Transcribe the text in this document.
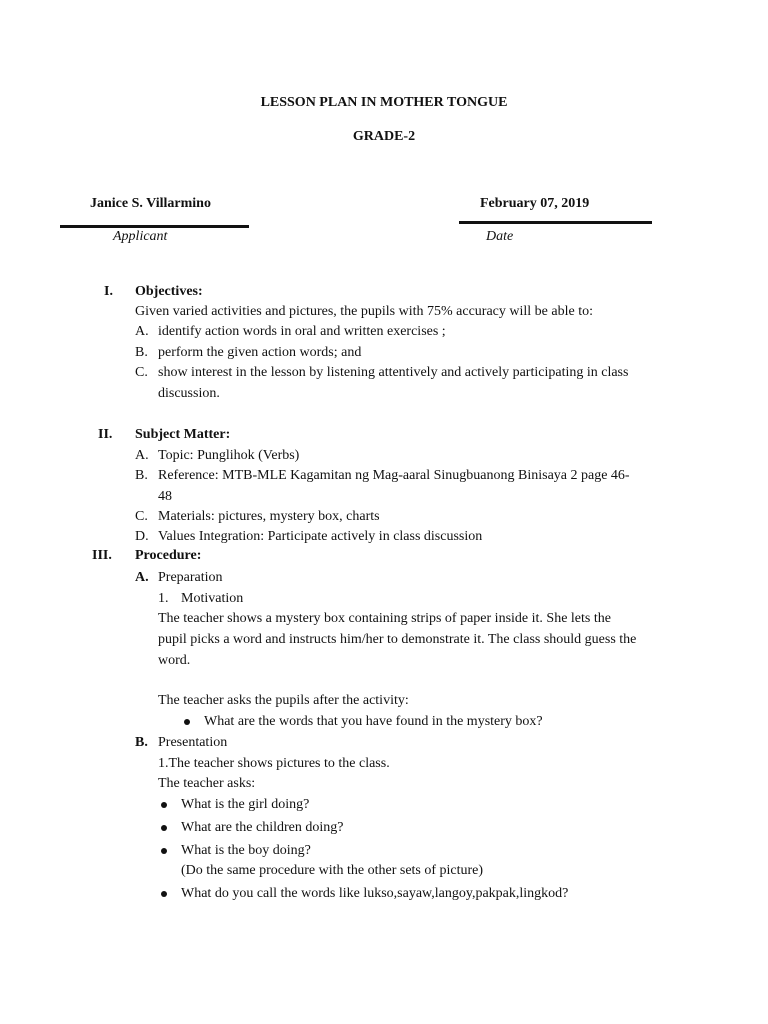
LESSON PLAN IN MOTHER TONGUE
GRADE-2
Janice S. Villarmino
Applicant
February 07, 2019
Date
I. Objectives:
Given varied activities and pictures, the pupils with 75% accuracy will be able to:
A. identify action words in oral and written exercises ;
B. perform the given action words; and
C. show interest in the lesson by listening attentively and actively participating in class
discussion.
II. Subject Matter:
A. Topic: Punglihok (Verbs)
B. Reference: MTB-MLE Kagamitan ng Mag-aaral Sinugbuanong Binisaya 2 page 46-
48
C. Materials: pictures, mystery box, charts
D. Values Integration: Participate actively in class discussion
III. Procedure:
A. Preparation
1. Motivation
The teacher shows a mystery box containing strips of paper inside it. She lets the
pupil picks a word and instructs him/her to demonstrate it. The class should guess the
word.
The teacher asks the pupils after the activity:
What are the words that you have found in the mystery box?
B. Presentation
1.The teacher shows pictures to the class.
The teacher asks:
What is the girl doing?
What are the children doing?
What is the boy doing?
(Do the same procedure with the other sets of picture)
What do you call the words like lukso,sayaw,langoy,pakpak,lingkod?
